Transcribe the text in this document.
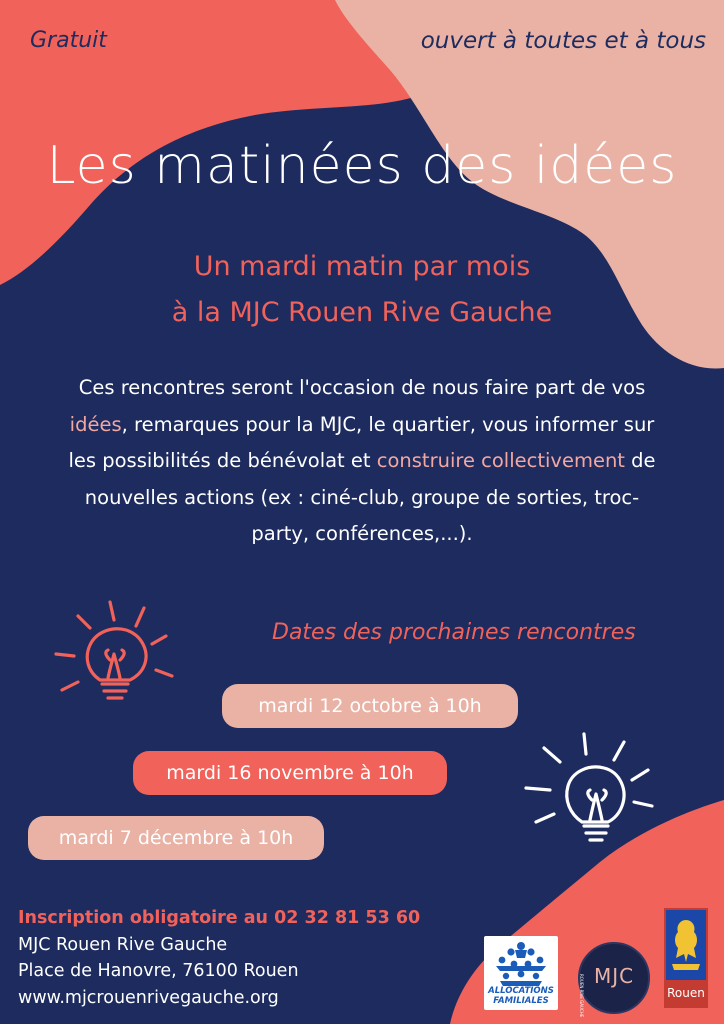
Gratuit	ouvert à toutes et à tous
Les matinées des idées
Un mardi matin par mois
à la MJC Rouen Rive Gauche
Ces rencontres seront l'occasion de nous faire part de vos idées, remarques pour la MJC, le quartier, vous informer sur les possibilités de bénévolat et construire collectivement de nouvelles actions (ex : ciné-club, groupe de sorties, troc-party, conférences,...).
Dates des prochaines rencontres
mardi 12 octobre à 10h
mardi 16 novembre à 10h
mardi 7 décembre à 10h
Inscription obligatoire au 02 32 81 53 60
MJC Rouen Rive Gauche
Place de Hanovre, 76100 Rouen
www.mjcrouenrivegauche.org	ALLOCATIONS
FAMILIALES
MJC
ROUEN RIVE GAUCHE	Rouen
